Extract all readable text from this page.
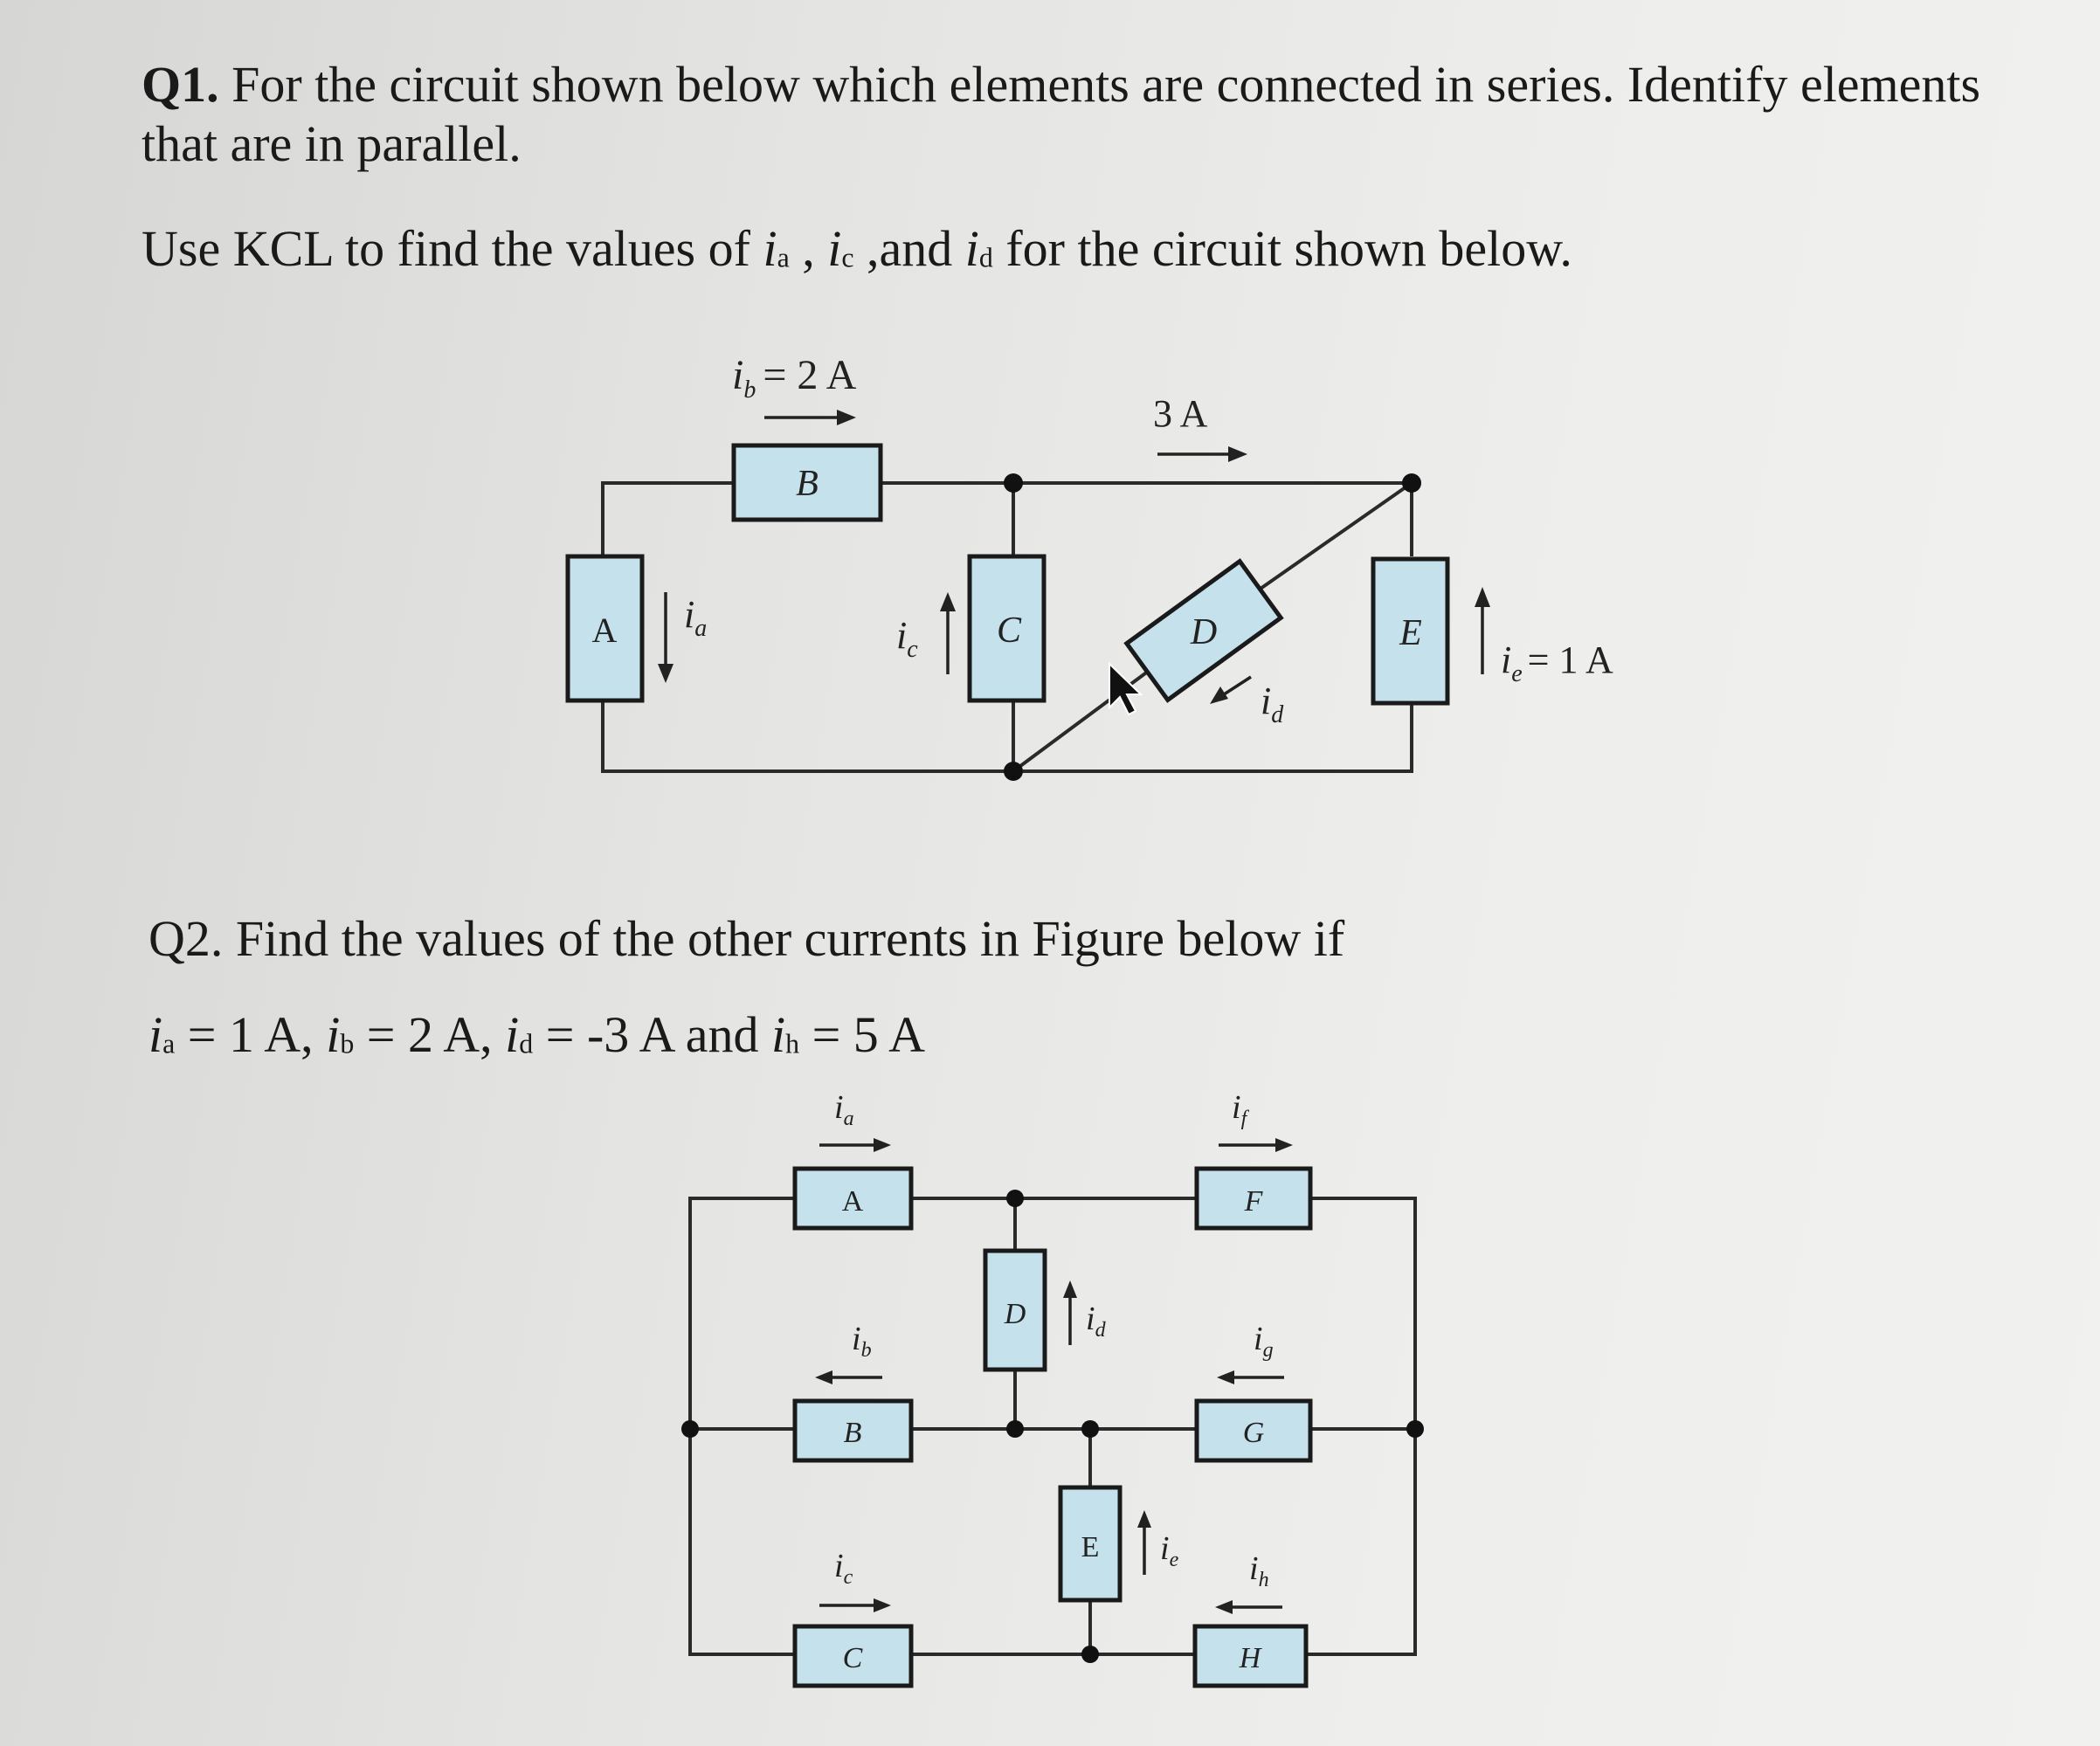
Q1. For the circuit shown below which elements are connected in series. Identify elements

that are in parallel.

Use KCL to find the values of ia , ic ,and id for the circuit shown below.

Q2. Find the values of the other currents in Figure below if

ia = 1 A, ib = 2 A, id = -3 A and ih = 5 A

A
B
C	D	E
$i_b = 2$ A
3 A
$i_a$	$i_c$
$i_d$
$i_e = 1$ A
A
B
C
D
E
F
G
H
$i_a$
$i_b$
$i_c$
$i_d$
$i_e$
$i_f$
$i_g$
$i_h$
